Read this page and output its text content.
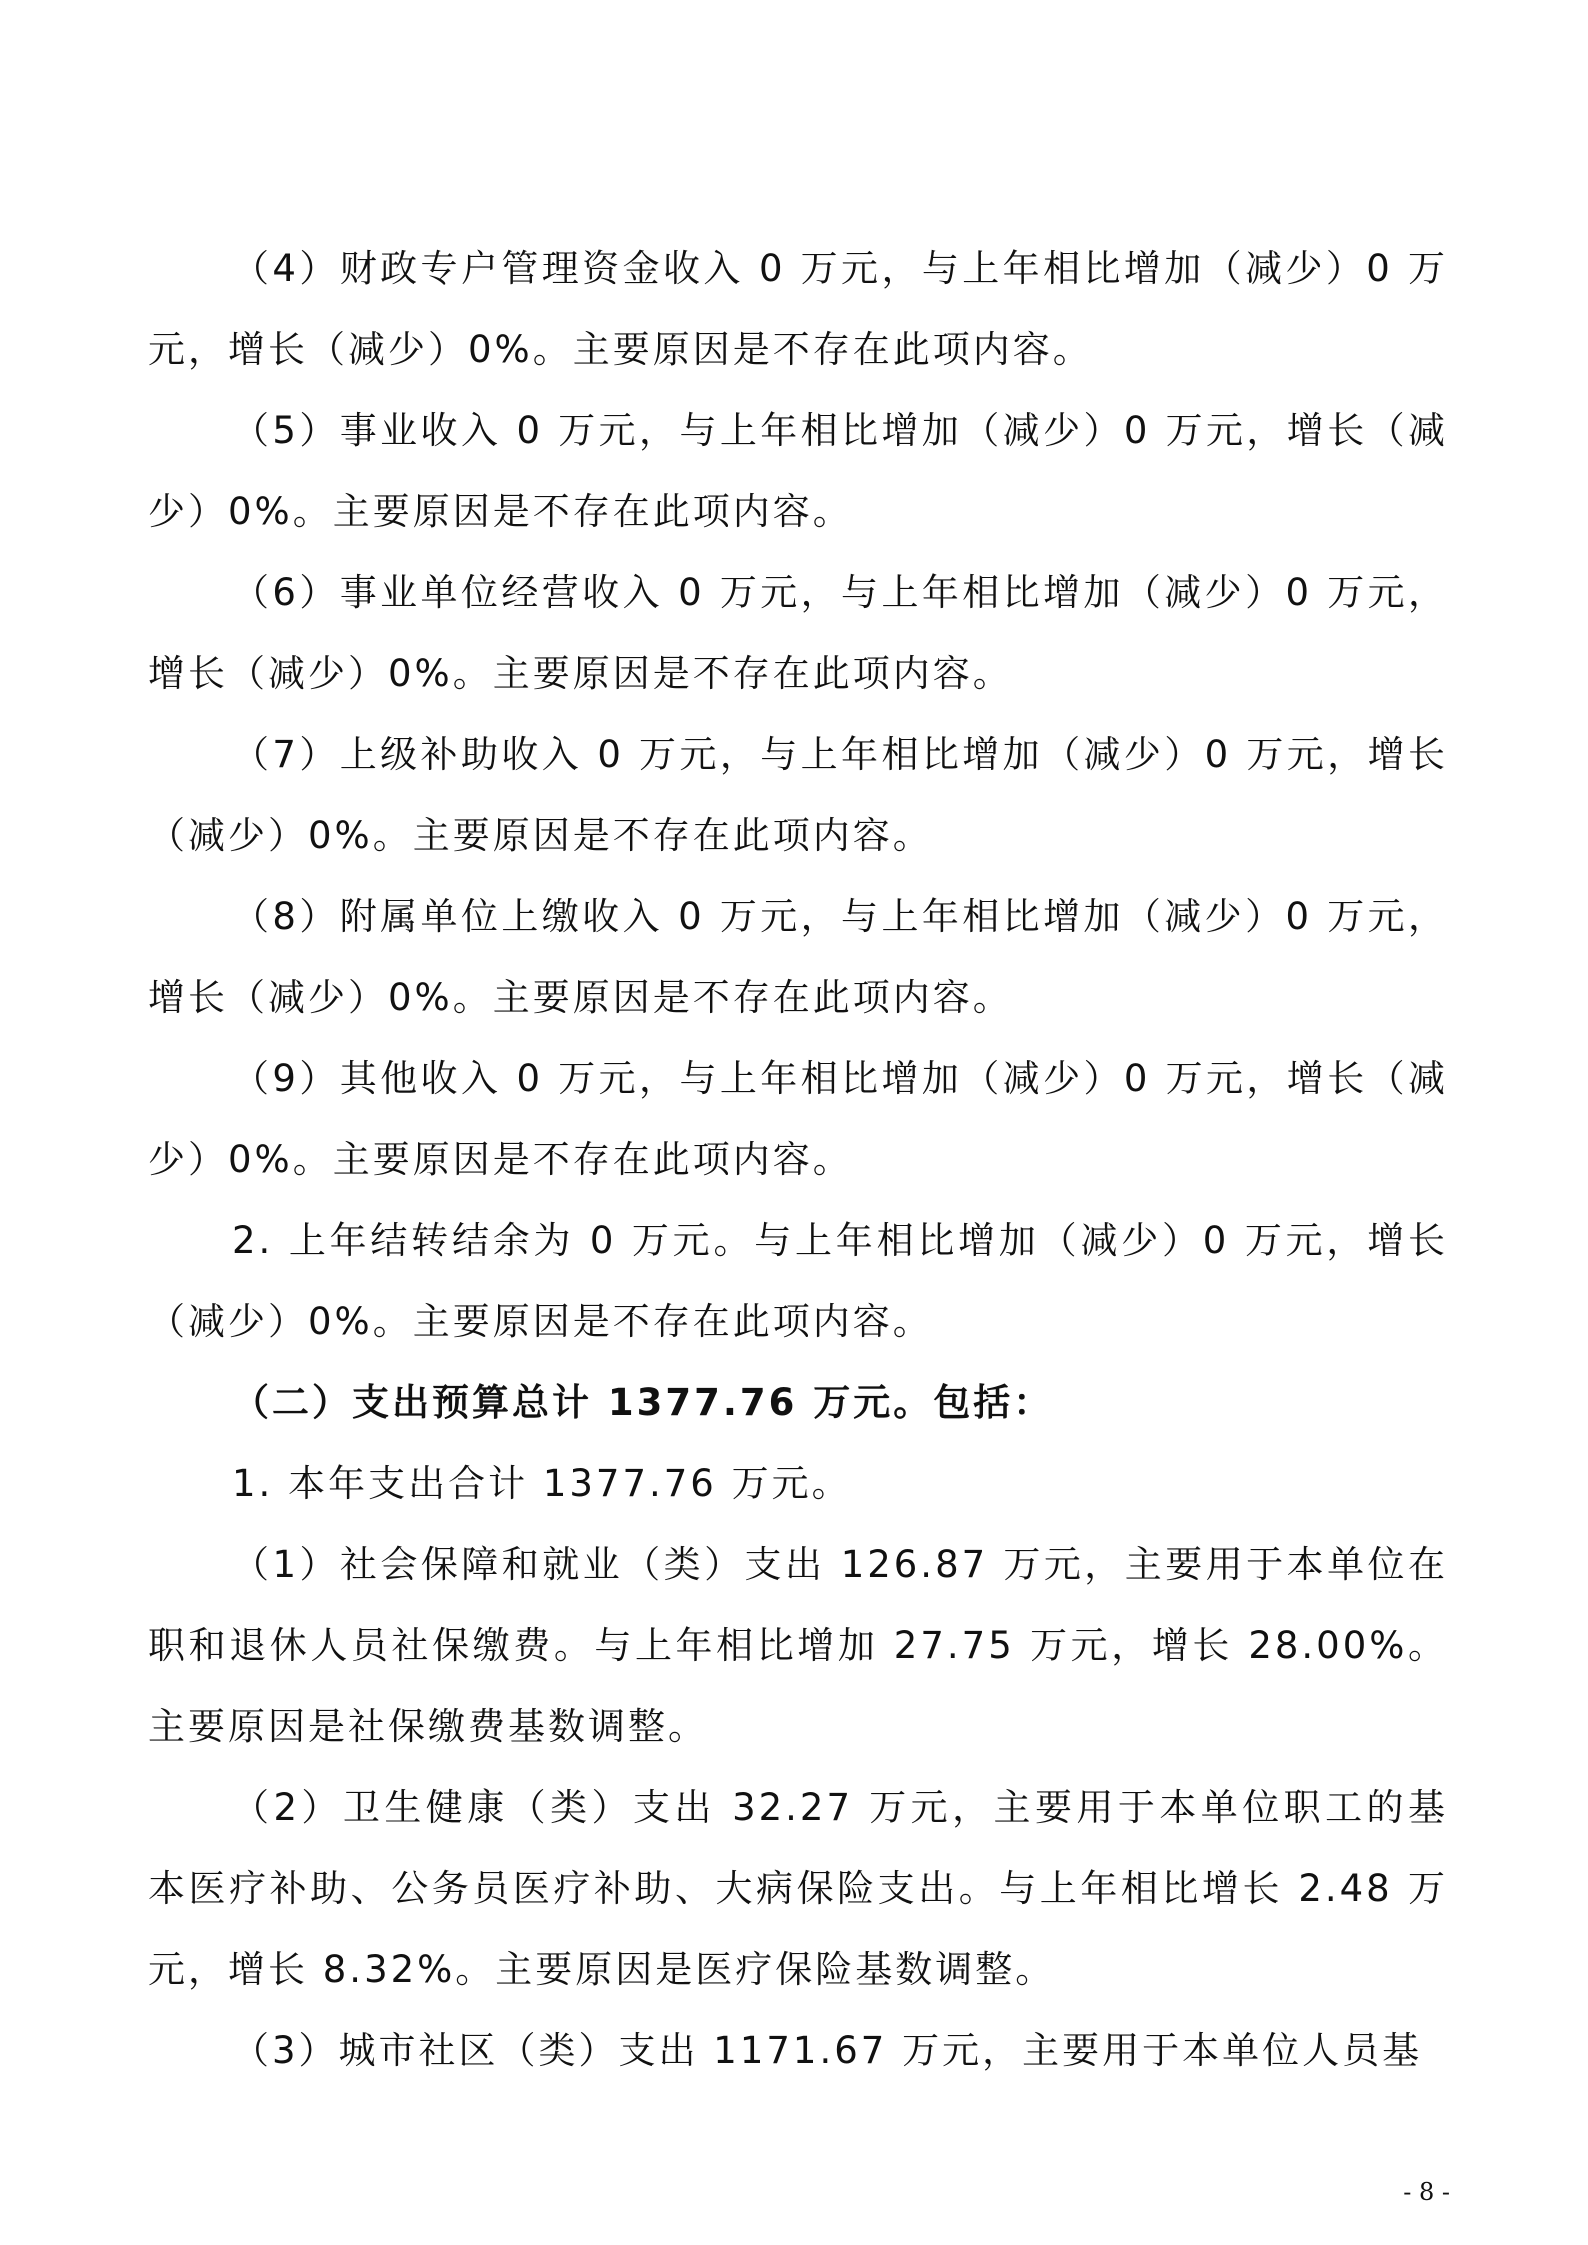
（4）财政专户管理资金收入 0 万元，与上年相比增加（减少）0 万元，增长（减少）0%。主要原因是不存在此项内容。

（5）事业收入 0 万元，与上年相比增加（减少）0 万元，增长（减少）0%。主要原因是不存在此项内容。

（6）事业单位经营收入 0 万元，与上年相比增加（减少）0 万元，增长（减少）0%。主要原因是不存在此项内容。

（7）上级补助收入 0 万元，与上年相比增加（减少）0 万元，增长（减少）0%。主要原因是不存在此项内容。

（8）附属单位上缴收入 0 万元，与上年相比增加（减少）0 万元，增长（减少）0%。主要原因是不存在此项内容。

（9）其他收入 0 万元，与上年相比增加（减少）0 万元，增长（减少）0%。主要原因是不存在此项内容。

2. 上年结转结余为 0 万元。与上年相比增加（减少）0 万元，增长（减少）0%。主要原因是不存在此项内容。

（二）支出预算总计 1377.76 万元。包括：

1. 本年支出合计 1377.76 万元。

（1）社会保障和就业（类）支出 126.87 万元，主要用于本单位在职和退休人员社保缴费。与上年相比增加 27.75 万元，增长 28.00%。主要原因是社保缴费基数调整。

（2）卫生健康（类）支出 32.27 万元，主要用于本单位职工的基本医疗补助、公务员医疗补助、大病保险支出。与上年相比增长 2.48 万元，增长 8.32%。主要原因是医疗保险基数调整。

（3）城市社区（类）支出 1171.67 万元，主要用于本单位人员基

- 8 -
